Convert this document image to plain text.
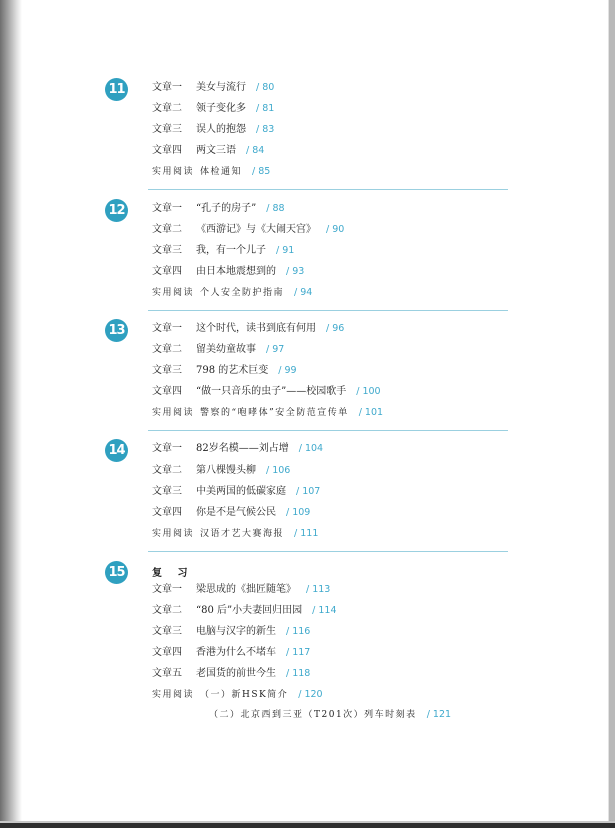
11	文章一 美女与流行 / 80
文章二 领子变化多 / 81
文章三 误人的抱怨 / 83
文章四 两文三语 / 84
实用阅读 体检通知 / 85
12	文章一 “孔子的房子” / 88
文章二 《西游记》与《大闹天宫》 / 90
文章三 我，有一个儿子 / 91
文章四 由日本地震想到的 / 93
实用阅读 个人安全防护指南 / 94
13	文章一 这个时代，读书到底有何用 / 96
文章二 留美幼童故事 / 97
文章三 798 的艺术巨变 / 99
文章四 “做一只音乐的虫子”——校园歌手 / 100
实用阅读 警察的“咆哮体”安全防范宣传单 / 101
14	文章一 82岁名模——刘占增 / 104
文章二 第八棵馒头柳 / 106
文章三 中美两国的低碳家庭 / 107
文章四 你是不是气候公民 / 109
实用阅读 汉语才艺大赛海报 / 111
15	复 习
文章一 梁思成的《拙匠随笔》 / 113
文章二 “80 后”小夫妻回归田园 / 114
文章三 电脑与汉字的新生 / 116
文章四 香港为什么不堵车 / 117
文章五 老国货的前世今生 / 118
实用阅读 （一）新HSK简介 / 120
（二）北京西到三亚（T201次）列车时刻表 / 121
